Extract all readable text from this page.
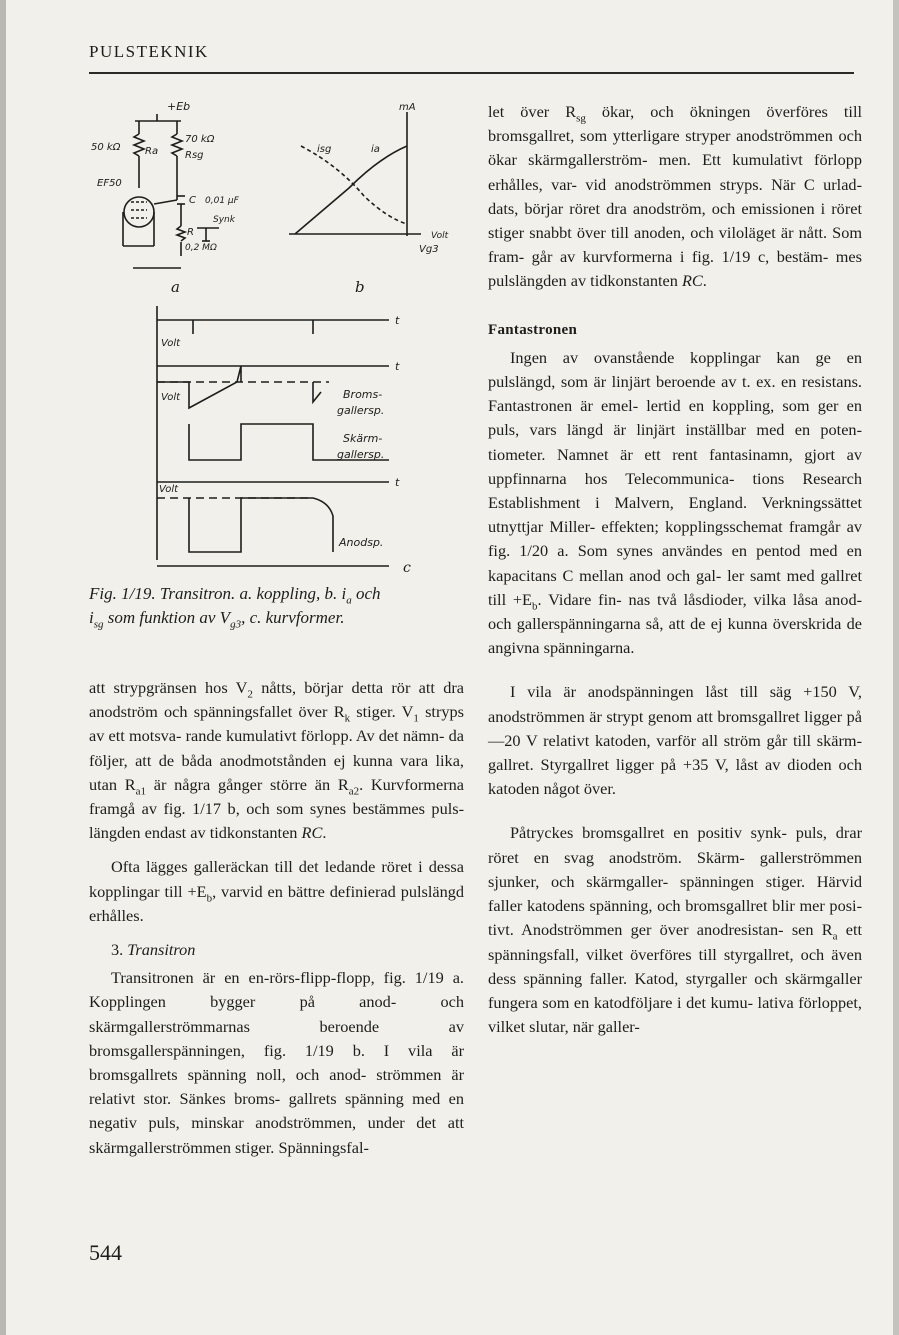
PULSTEKNIK
+Eb
50 kΩ Ra
70 kΩ
Rsg
EF50
C 0,01 μF
Synk
R
0,2 MΩ
mA
isg	ia
Volt
Vg3
a	b
Volt
t
Volt
t
Broms-
gallersp.
Skärm-
gallersp.
Volt
t
Anodsp.
c
Fig. 1/19. Transitron. a. koppling, b. $i_a$ och
$i_{sg}$ som funktion av $V_{g3}$, c. kurvformer.

att strypgränsen hos $V_2$ nåtts, börjar detta rör att dra anodström och spänningsfallet över $R_k$ stiger. $V_1$ stryps av ett motsva- rande kumulativt förlopp. Av det nämn- da följer, att de båda anodmotstånden ej kunna vara lika, utan $R_{a1}$ är några gånger större än $R_{a2}$. Kurvformerna framgå av fig. 1/17 b, och som synes bestämmes puls- längden endast av tidkonstanten RC.

Ofta lägges galleräckan till det ledande röret i dessa kopplingar till $+E_b$, varvid en bättre definierad pulslängd erhålles.

3. Transitron

Transitronen är en en-rörs-flipp-flopp, fig. 1/19 a. Kopplingen bygger på anod- och skärmgallerströmmarnas beroende av bromsgallerspänningen, fig. 1/19 b. I vila är bromsgallrets spänning noll, och anod- strömmen är relativt stor. Sänkes broms- gallrets spänning med en negativ puls, minskar anodströmmen, under det att skärmgallerströmmen stiger. Spänningsfal-

let över $R_{sg}$ ökar, och ökningen överföres till bromsgallret, som ytterligare stryper anodströmmen och ökar skärmgallerström- men. Ett kumulativt förlopp erhålles, var- vid anodströmmen stryps. När C urlad- dats, börjar röret dra anodström, och emissionen i röret stiger snabbt över till anoden, och viloläget är nått. Som fram- går av kurvformerna i fig. 1/19 c, bestäm- mes pulslängden av tidkonstanten RC.

Fantastronen

Ingen av ovanstående kopplingar kan ge en pulslängd, som är linjärt beroende av t. ex. en resistans. Fantastronen är emel- lertid en koppling, som ger en puls, vars längd är linjärt inställbar med en poten- tiometer. Namnet är ett rent fantasinamn, gjort av uppfinnarna hos Telecommunica- tions Research Establishment i Malvern, England. Verkningssättet utnyttjar Miller- effekten; kopplingsschemat framgår av fig. 1/20 a. Som synes användes en pentod med en kapacitans C mellan anod och gal- ler samt med gallret till $+E_b$. Vidare fin- nas två låsdioder, vilka låsa anod- och gallerspänningarna så, att de ej kunna överskrida de angivna spänningarna.

I vila är anodspänningen låst till säg +150 V, anodströmmen är strypt genom att bromsgallret ligger på —20 V relativt katoden, varför all ström går till skärm- gallret. Styrgallret ligger på +35 V, låst av dioden och katoden något över.

Påtryckes bromsgallret en positiv synk- puls, drar röret en svag anodström. Skärm- gallerströmmen sjunker, och skärmgaller- spänningen stiger. Härvid faller katodens spänning, och bromsgallret blir mer posi- tivt. Anodströmmen ger över anodresistan- sen $R_a$ ett spänningsfall, vilket överföres till styrgallret, och även dess spänning faller. Katod, styrgaller och skärmgaller fungera som en katodföljare i det kumu- lativa förloppet, vilket slutar, när galler-

544
